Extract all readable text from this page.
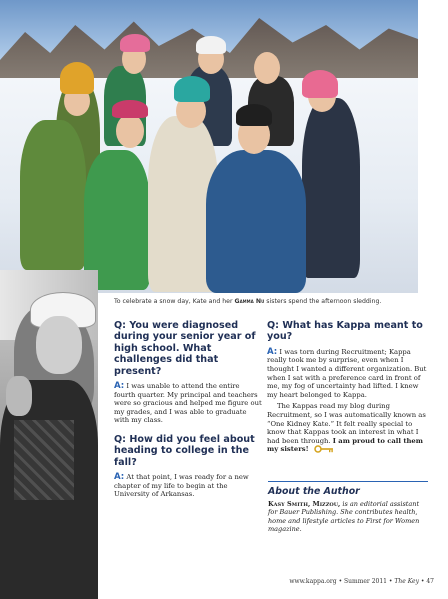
To celebrate a snow day, Kate and her Gamma Nu sisters spend the afternoon sledding.
Q: You were diagnosed during your senior year of high school. What challenges did that present?
A: I was unable to attend the entire fourth quarter. My principal and teachers were so gracious and helped me figure out my grades, and I was able to graduate with my class.
Q: How did you feel about heading to college in the fall?
A: At that point, I was ready for a new chapter of my life to begin at the University of Arkansas.
Q: What has Kappa meant to you?

A: I was torn during Recruitment; Kappa really took me by surprise, even when I thought I wanted a different organization. But when I sat with a preference card in front of me, my fog of uncertainty had lifted. I knew my heart belonged to Kappa.

The Kappas read my blog during Recruitment, so I was automatically known as “One Kidney Kate.” It felt really special to know that Kappas took an interest in what I had been through. I am proud to call them my sisters!

About the Author
Kasy Smith, Mizzou, is an editorial assistant for Bauer Publishing. She contributes health, home and lifestyle articles to First for Women magazine.
www.kappa.org • Summer 2011 • The Key • 47
